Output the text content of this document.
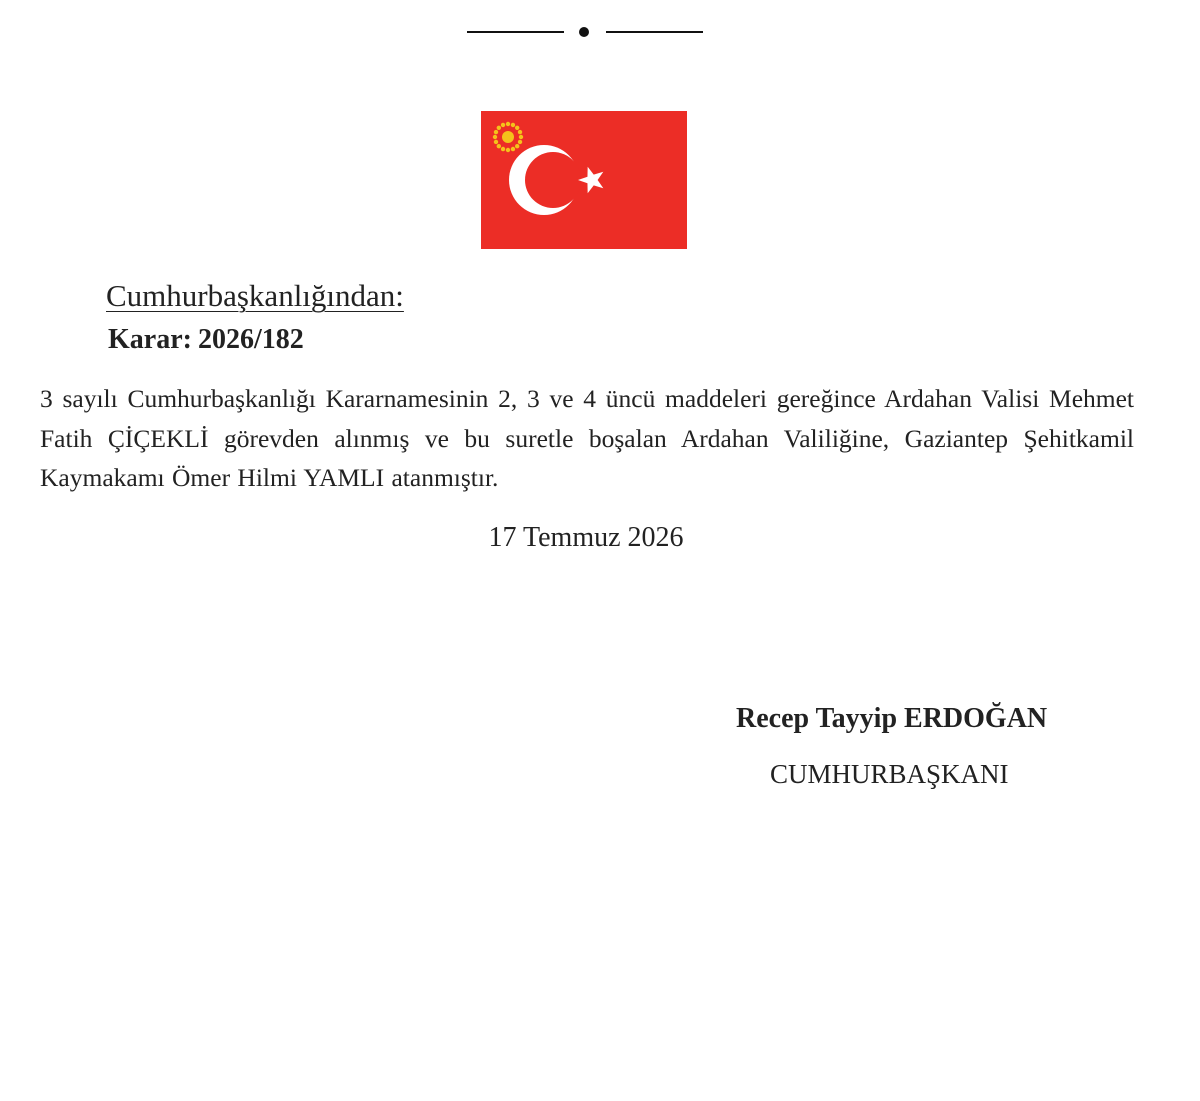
Cumhurbaşkanlığından:

Karar: 2026/182

3 sayılı Cumhurbaşkanlığı Kararnamesinin 2, 3 ve 4 üncü maddeleri gereğince Ardahan Valisi Mehmet Fatih ÇİÇEKLİ görevden alınmış ve bu suretle boşalan Ardahan Valiliğine, Gaziantep Şehitkamil Kaymakamı Ömer Hilmi YAMLI atanmıştır.

17 Temmuz 2026
Recep Tayyip ERDOĞAN
CUMHURBAŞKANI
